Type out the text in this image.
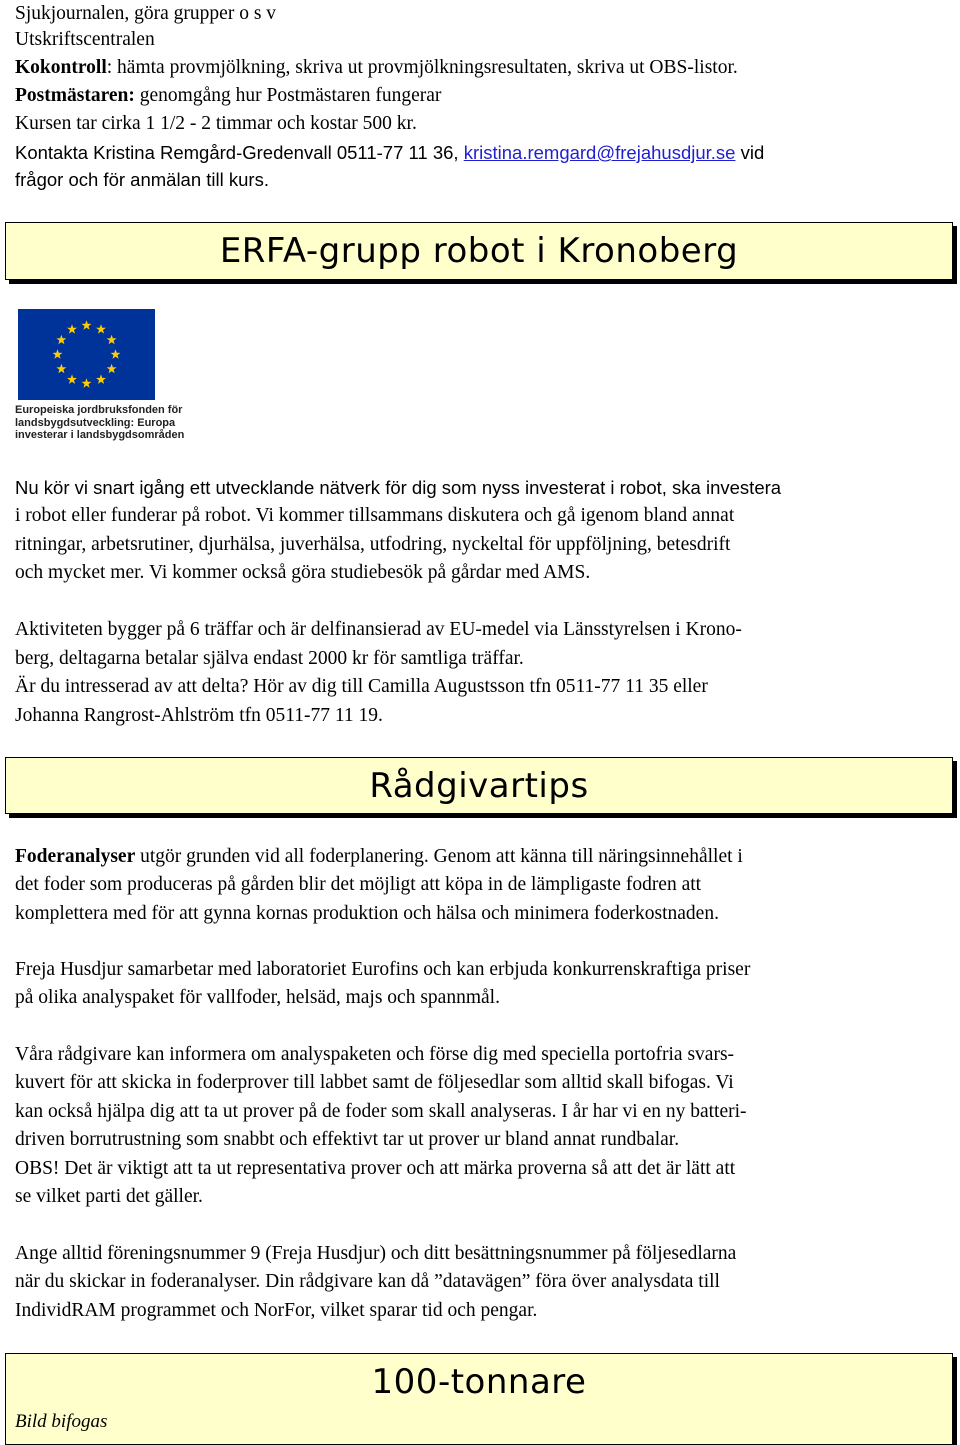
Sjukjournalen, göra grupper o s v
Utskriftscentralen
Kokontroll: hämta provmjölkning, skriva ut provmjölkningsresultaten, skriva ut OBS-listor.
Postmästaren: genomgång hur Postmästaren fungerar
Kursen tar cirka 1 1/2 - 2 timmar och kostar 500 kr.
Kontakta Kristina Remgård-Gredenvall 0511-77 11 36, kristina.remgard@frejahusdjur.se vid
frågor och för anmälan till kurs.
ERFA-grupp robot i Kronoberg
Europeiska jordbruksfonden för
landsbygdsutveckling: Europa
investerar i landsbygdsområden
Nu kör vi snart igång ett utvecklande nätverk för dig som nyss investerat i robot, ska investera
i robot eller funderar på robot. Vi kommer tillsammans diskutera och gå igenom bland annat
ritningar, arbetsrutiner, djurhälsa, juverhälsa, utfodring, nyckeltal för uppföljning, betesdrift
och mycket mer. Vi kommer också göra studiebesök på gårdar med AMS.
Aktiviteten bygger på 6 träffar och är delfinansierad av EU-medel via Länsstyrelsen i Krono-
berg, deltagarna betalar själva endast 2000 kr för samtliga träffar.
Är du intresserad av att delta? Hör av dig till Camilla Augustsson tfn 0511-77 11 35 eller
Johanna Rangrost-Ahlström tfn 0511-77 11 19.
Rådgivartips
Foderanalyser utgör grunden vid all foderplanering. Genom att känna till näringsinnehållet i
det foder som produceras på gården blir det möjligt att köpa in de lämpligaste fodren att
komplettera med för att gynna kornas produktion och hälsa och minimera foderkostnaden.
Freja Husdjur samarbetar med laboratoriet Eurofins och kan erbjuda konkurrenskraftiga priser
på olika analyspaket för vallfoder, helsäd, majs och spannmål.
Våra rådgivare kan informera om analyspaketen och förse dig med speciella portofria svars-
kuvert för att skicka in foderprover till labbet samt de följesedlar som alltid skall bifogas. Vi
kan också hjälpa dig att ta ut prover på de foder som skall analyseras. I år har vi en ny batteri-
driven borrutrustning som snabbt och effektivt tar ut prover ur bland annat rundbalar.
OBS! Det är viktigt att ta ut representativa prover och att märka proverna så att det är lätt att
se vilket parti det gäller.
Ange alltid föreningsnummer 9 (Freja Husdjur) och ditt besättningsnummer på följesedlarna
när du skickar in foderanalyser. Din rådgivare kan då ”datavägen” föra över analysdata till
IndividRAM programmet och NorFor, vilket sparar tid och pengar.
100-tonnare
Bild bifogas
